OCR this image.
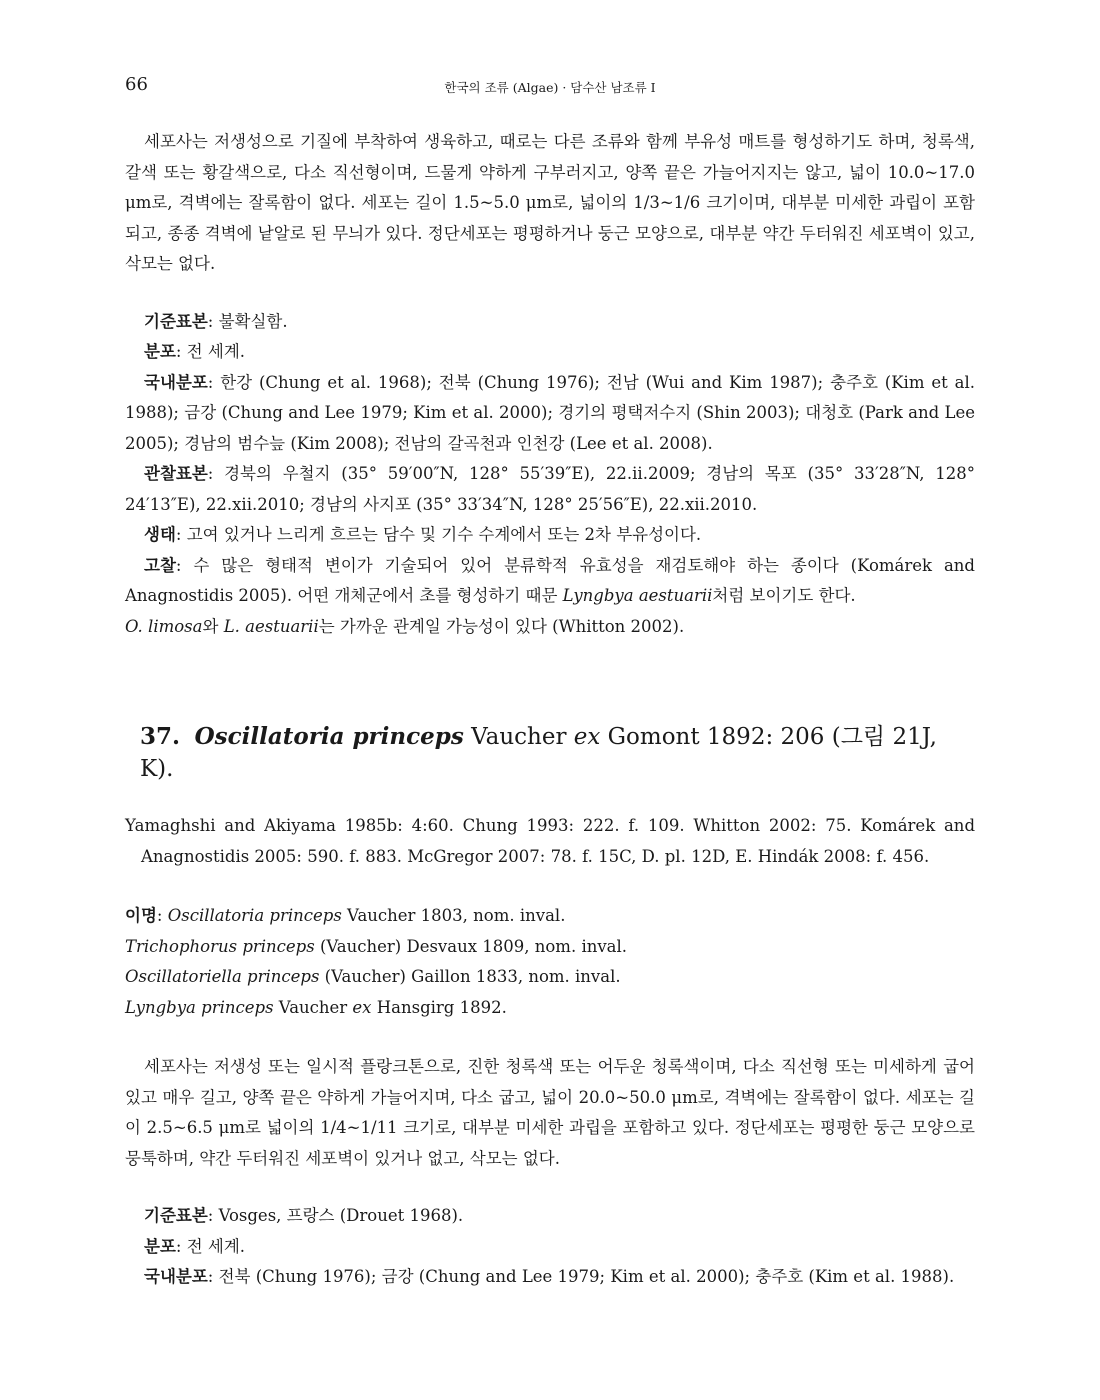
66	한국의 조류 (Algae) · 담수산 남조류 I

세포사는 저생성으로 기질에 부착하여 생육하고, 때로는 다른 조류와 함께 부유성 매트를 형성하기도 하며, 청록색, 갈색 또는 황갈색으로, 다소 직선형이며, 드물게 약하게 구부러지고, 양쪽 끝은 가늘어지지는 않고, 넓이 10.0~17.0 μm로, 격벽에는 잘록함이 없다. 세포는 길이 1.5~5.0 μm로, 넓이의 1/3~1/6 크기이며, 대부분 미세한 과립이 포함되고, 종종 격벽에 낱알로 된 무늬가 있다. 정단세포는 평평하거나 둥근 모양으로, 대부분 약간 두터워진 세포벽이 있고, 삭모는 없다.

기준표본: 불확실함.

분포: 전 세계.

국내분포: 한강 (Chung et al. 1968); 전북 (Chung 1976); 전남 (Wui and Kim 1987); 충주호 (Kim et al. 1988); 금강 (Chung and Lee 1979; Kim et al. 2000); 경기의 평택저수지 (Shin 2003); 대청호 (Park and Lee 2005); 경남의 범수늪 (Kim 2008); 전남의 갈곡천과 인천강 (Lee et al. 2008).

관찰표본: 경북의 우철지 (35° 59′00″N, 128° 55′39″E), 22.ii.2009; 경남의 목포 (35° 33′28″N, 128° 24′13″E), 22.xii.2010; 경남의 사지포 (35° 33′34″N, 128° 25′56″E), 22.xii.2010.

생태: 고여 있거나 느리게 흐르는 담수 및 기수 수계에서 또는 2차 부유성이다.

고찰: 수 많은 형태적 변이가 기술되어 있어 분류학적 유효성을 재검토해야 하는 종이다 (Komárek and Anagnostidis 2005). 어떤 개체군에서 초를 형성하기 때문 Lyngbya aestuarii처럼 보이기도 한다.
O. limosa와 L. aestuarii는 가까운 관계일 가능성이 있다 (Whitton 2002).

37. Oscillatoria princeps Vaucher ex Gomont 1892: 206 (그림 21J, K).

Yamaghshi and Akiyama 1985b: 4:60. Chung 1993: 222. f. 109. Whitton 2002: 75. Komárek and Anagnostidis 2005: 590. f. 883. McGregor 2007: 78. f. 15C, D. pl. 12D, E. Hindák 2008: f. 456.

이명: Oscillatoria princeps Vaucher 1803, nom. inval.

Trichophorus princeps (Vaucher) Desvaux 1809, nom. inval.

Oscillatoriella princeps (Vaucher) Gaillon 1833, nom. inval.

Lyngbya princeps Vaucher ex Hansgirg 1892.

세포사는 저생성 또는 일시적 플랑크톤으로, 진한 청록색 또는 어두운 청록색이며, 다소 직선형 또는 미세하게 굽어 있고 매우 길고, 양쪽 끝은 약하게 가늘어지며, 다소 굽고, 넓이 20.0~50.0 μm로, 격벽에는 잘록함이 없다. 세포는 길이 2.5~6.5 μm로 넓이의 1/4~1/11 크기로, 대부분 미세한 과립을 포함하고 있다. 정단세포는 평평한 둥근 모양으로 뭉툭하며, 약간 두터워진 세포벽이 있거나 없고, 삭모는 없다.

기준표본: Vosges, 프랑스 (Drouet 1968).

분포: 전 세계.

국내분포: 전북 (Chung 1976); 금강 (Chung and Lee 1979; Kim et al. 2000); 충주호 (Kim et al. 1988).
